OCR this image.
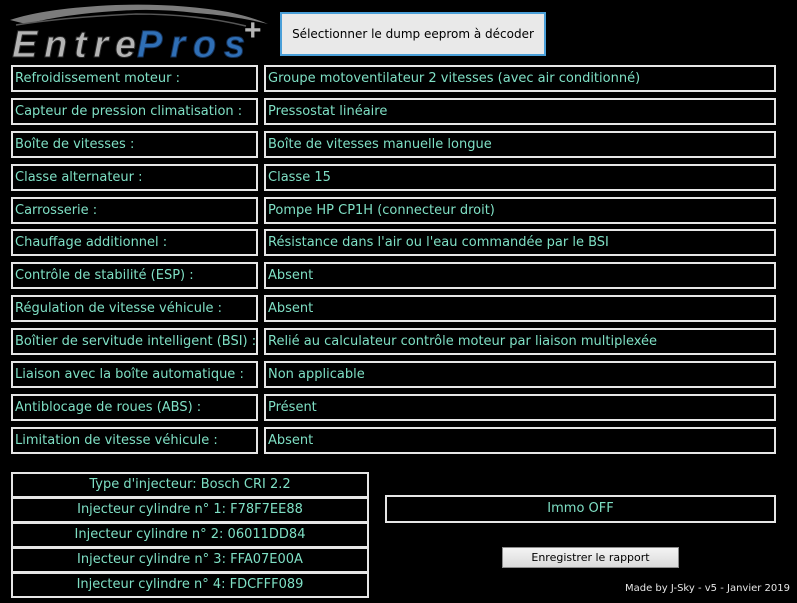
Entre Pros +	Sélectionner le dump eeprom à décoder
Refroidissement moteur :	Groupe motoventilateur 2 vitesses (avec air conditionné)
Capteur de pression climatisation :	Pressostat linéaire
Boîte de vitesses :	Boîte de vitesses manuelle longue
Classe alternateur :	Classe 15
Carrosserie :	Pompe HP CP1H (connecteur droit)
Chauffage additionnel :	Résistance dans l'air ou l'eau commandée par le BSI
Contrôle de stabilité (ESP) :	Absent
Régulation de vitesse véhicule :	Absent
Boîtier de servitude intelligent (BSI) : Relié au calculateur contrôle moteur par liaison multiplexée
Liaison avec la boîte automatique :	Non applicable
Antiblocage de roues (ABS) :	Présent
Limitation de vitesse véhicule :	Absent
Type d'injecteur: Bosch CRI 2.2
Injecteur cylindre n° 1: F78F7EE88
Injecteur cylindre n° 2: 06011DD84
Injecteur cylindre n° 3: FFA07E00A
Injecteur cylindre n° 4: FDCFFF089
Immo OFF
Enregistrer le rapport
Made by J-Sky - v5 - Janvier 2019
